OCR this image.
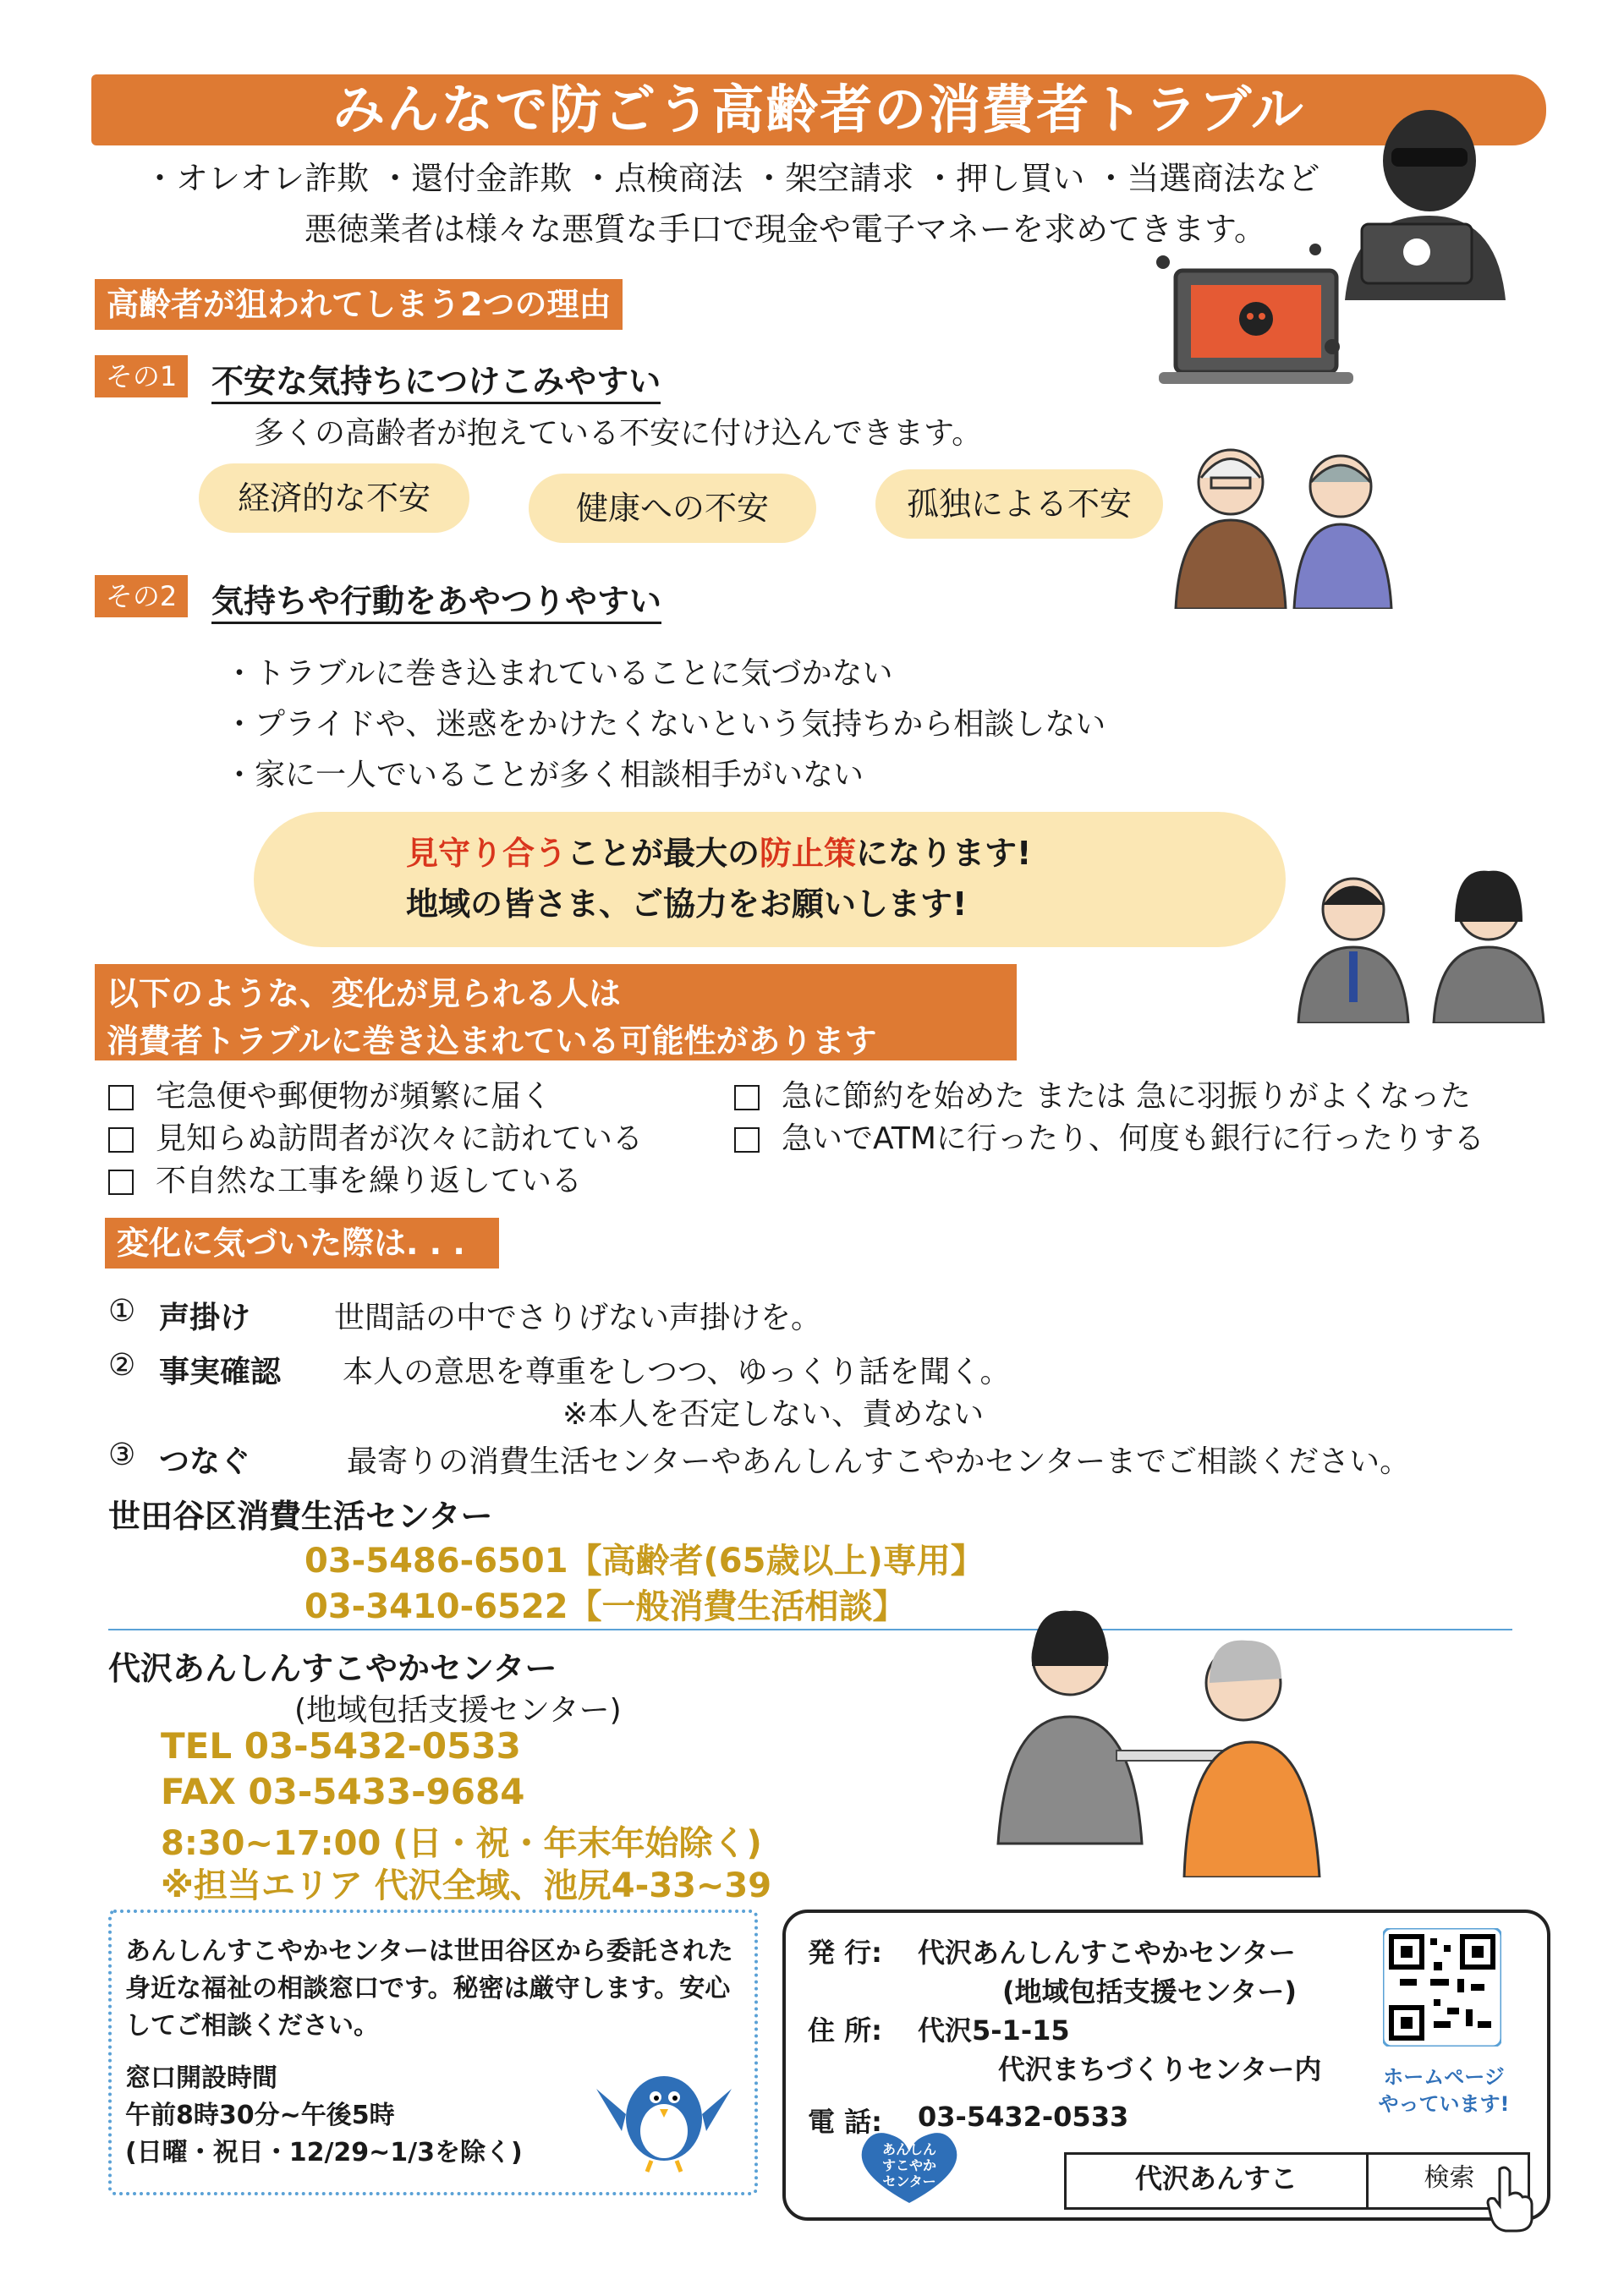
みんなで防ごう高齢者の消費者トラブル
・オレオレ詐欺 ・還付金詐欺 ・点検商法 ・架空請求 ・押し買い ・当選商法など
悪徳業者は様々な悪質な手口で現金や電子マネーを求めてきます。
高齢者が狙われてしまう2つの理由
その1	不安な気持ちにつけこみやすい
多くの高齢者が抱えている不安に付け込んできます。
経済的な不安	健康への不安	孤独による不安
その2	気持ちや行動をあやつりやすい
・トラブルに巻き込まれていることに気づかない
・プライドや、迷惑をかけたくないという気持ちから相談しない
・家に一人でいることが多く相談相手がいない
見守り合うことが最大の防止策になります!
地域の皆さま、ご協力をお願いします!
以下のような、変化が見られる人は
消費者トラブルに巻き込まれている可能性があります
宅急便や郵便物が頻繁に届く
見知らぬ訪問者が次々に訪れている
不自然な工事を繰り返している
急に節約を始めた または 急に羽振りがよくなった
急いでATMに行ったり、何度も銀行に行ったりする
変化に気づいた際は. . .
① 声掛け	世間話の中でさりげない声掛けを。
② 事実確認 本人の意思を尊重をしつつ、ゆっくり話を聞く。
※本人を否定しない、責めない
③ つなぐ	最寄りの消費生活センターやあんしんすこやかセンターまでご相談ください。
世田谷区消費生活センター
03-5486-6501【高齢者(65歳以上)専用】
03-3410-6522【一般消費生活相談】
代沢あんしんすこやかセンター
(地域包括支援センター)
TEL 03-5432-0533
FAX 03-5433-9684
8:30~17:00 (日・祝・年末年始除く)
※担当エリア 代沢全域、池尻4-33~39
あんしんすこやかセンターは世田谷区から委託された身近な福祉の相談窓口です。秘密は厳守します。安心してご相談ください。
窓口開設時間
午前8時30分~午後5時
(日曜・祝日・12/29~1/3を除く)
発 行: 代沢あんしんすこやかセンター
(地域包括支援センター)
住 所: 代沢5-1-15
代沢まちづくりセンター内
電 話: 03-5432-0533
ホームページ
やっています!
あんしん
すこやか
センター	代沢あんすこ	検索
